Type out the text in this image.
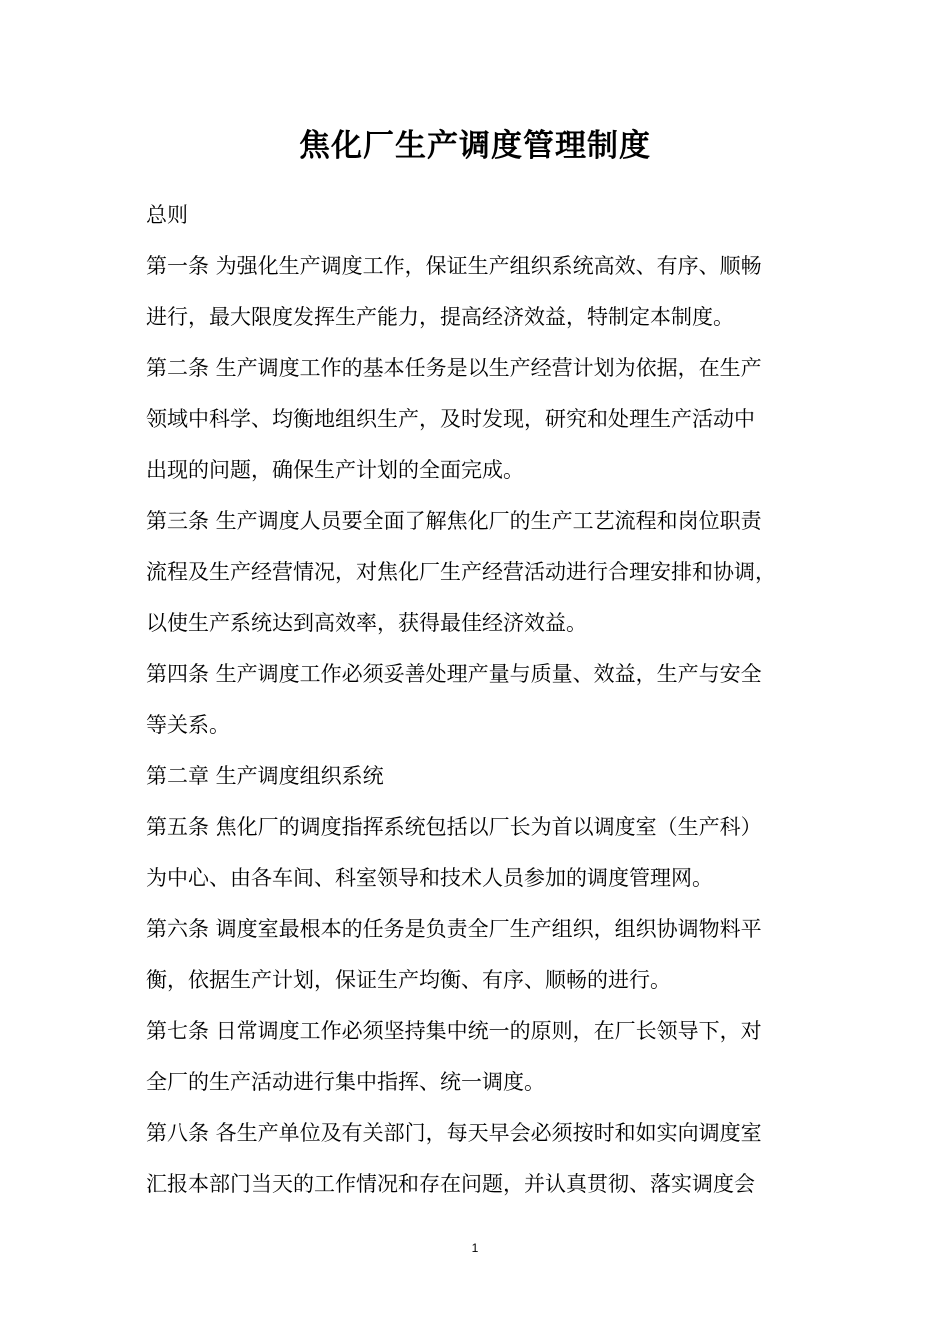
焦化厂生产调度管理制度
总则
第一条 为强化生产调度工作，保证生产组织系统高效、有序、顺畅
进行，最大限度发挥生产能力，提高经济效益，特制定本制度。
第二条 生产调度工作的基本任务是以生产经营计划为依据，在生产
领域中科学、均衡地组织生产，及时发现，研究和处理生产活动中
出现的问题，确保生产计划的全面完成。
第三条 生产调度人员要全面了解焦化厂的生产工艺流程和岗位职责
流程及生产经营情况，对焦化厂生产经营活动进行合理安排和协调，
以使生产系统达到高效率，获得最佳经济效益。
第四条 生产调度工作必须妥善处理产量与质量、效益，生产与安全
等关系。
第二章 生产调度组织系统
第五条 焦化厂的调度指挥系统包括以厂长为首以调度室（生产科）
为中心、由各车间、科室领导和技术人员参加的调度管理网。
第六条 调度室最根本的任务是负责全厂生产组织，组织协调物料平
衡，依据生产计划，保证生产均衡、有序、顺畅的进行。
第七条 日常调度工作必须坚持集中统一的原则，在厂长领导下，对
全厂的生产活动进行集中指挥、统一调度。
第八条 各生产单位及有关部门，每天早会必须按时和如实向调度室
汇报本部门当天的工作情况和存在问题，并认真贯彻、落实调度会
1
